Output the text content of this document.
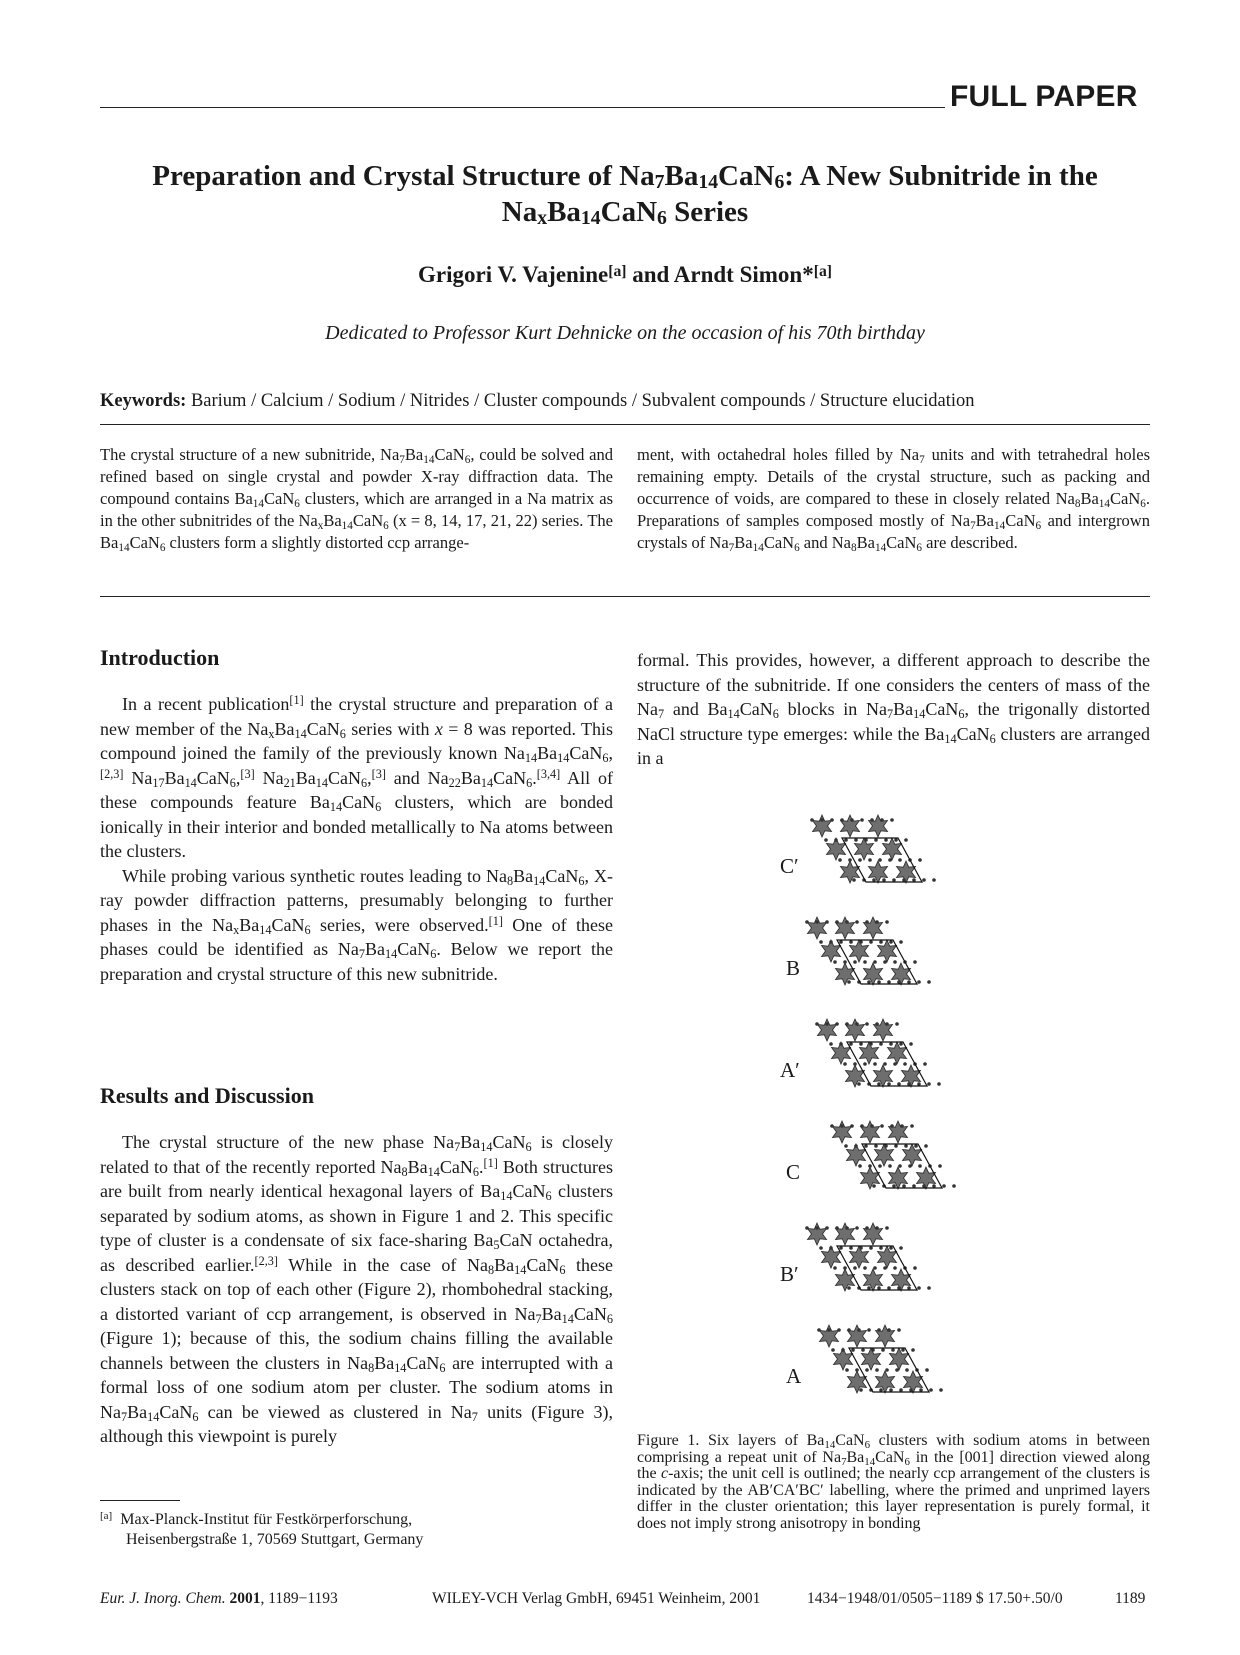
FULL PAPER
Preparation and Crystal Structure of $Na_7Ba_{14}CaN_6$: A New Subnitride in the
$Na_xBa_{14}CaN_6$ Series
Grigori V. Vajenine[a] and Arndt Simon*[a]
Dedicated to Professor Kurt Dehnicke on the occasion of his 70th birthday
Keywords: Barium / Calcium / Sodium / Nitrides / Cluster compounds / Subvalent compounds / Structure elucidation
The crystal structure of a new subnitride, $Na_7Ba_{14}CaN_6$, could be solved and refined based on single crystal and powder X-ray diffraction data. The compound contains $Ba_{14}CaN_6$ clusters, which are arranged in a Na matrix as in the other subnitrides of the $Na_xBa_{14}CaN_6$ (x = 8, 14, 17, 21, 22) series. The $Ba_{14}CaN_6$ clusters form a slightly distorted ccp arrange-
ment, with octahedral holes filled by $Na_7$ units and with tetrahedral holes remaining empty. Details of the crystal structure, such as packing and occurrence of voids, are compared to these in closely related $Na_8Ba_{14}CaN_6$. Preparations of samples composed mostly of $Na_7Ba_{14}CaN_6$ and intergrown crystals of $Na_7Ba_{14}CaN_6$ and $Na_8Ba_{14}CaN_6$ are described.
Introduction

In a recent publication[1] the crystal structure and preparation of a new member of the $Na_xBa_{14}CaN_6$ series with x = 8 was reported. This compound joined the family of the previously known $Na_{14}Ba_{14}CaN_6,[2,3]$ $Na_{17}Ba_{14}CaN_6,[3]$ $Na_{21}Ba_{14}CaN_6,[3]$ and $Na_{22}Ba_{14}CaN_6.[3,4]$ All of these compounds feature $Ba_{14}CaN_6$ clusters, which are bonded ionically in their interior and bonded metallically to Na atoms between the clusters.

While probing various synthetic routes leading to $Na_8Ba_{14}CaN_6$, X-ray powder diffraction patterns, presumably belonging to further phases in the $Na_xBa_{14}CaN_6$ series, were observed.[1] One of these phases could be identified as $Na_7Ba_{14}CaN_6$. Below we report the preparation and crystal structure of this new subnitride.

Results and Discussion

The crystal structure of the new phase $Na_7Ba_{14}CaN_6$ is closely related to that of the recently reported $Na_8Ba_{14}CaN_6.[1]$ Both structures are built from nearly identical hexagonal layers of $Ba_{14}CaN_6$ clusters separated by sodium atoms, as shown in Figure 1 and 2. This specific type of cluster is a condensate of six face-sharing $Ba_5CaN$ octahedra, as described earlier.[2,3] While in the case of $Na_8Ba_{14}CaN_6$ these clusters stack on top of each other (Figure 2), rhombohedral stacking, a distorted variant of ccp arrangement, is observed in $Na_7Ba_{14}CaN_6$ (Figure 1); because of this, the sodium chains filling the available channels between the clusters in $Na_8Ba_{14}CaN_6$ are interrupted with a formal loss of one sodium atom per cluster. The sodium atoms in $Na_7Ba_{14}CaN_6$ can be viewed as clustered in $Na_7$ units (Figure 3), although this viewpoint is purely

formal. This provides, however, a different approach to describe the structure of the subnitride. If one considers the centers of mass of the $Na_7$ and $Ba_{14}CaN_6$ blocks in $Na_7Ba_{14}CaN_6$, the trigonally distorted NaCl structure type emerges: while the $Ba_{14}CaN_6$ clusters are arranged in a

C′
B
A′
C
B′
A
Figure 1. Six layers of $Ba_{14}CaN_6$ clusters with sodium atoms in between comprising a repeat unit of $Na_7Ba_{14}CaN_6$ in the [001] direction viewed along the c-axis; the unit cell is outlined; the nearly ccp arrangement of the clusters is indicated by the AB′CA′BC′ labelling, where the primed and unprimed layers differ in the cluster orientation; this layer representation is purely formal, it does not imply strong anisotropy in bonding
[a] Max-Planck-Institut für Festkörperforschung,
Heisenbergstraße 1, 70569 Stuttgart, Germany
Eur. J. Inorg. Chem. 2001, 1189−1193	WILEY-VCH Verlag GmbH, 69451 Weinheim, 2001	1434−1948/01/0505−1189 $ 17.50+.50/0	1189
